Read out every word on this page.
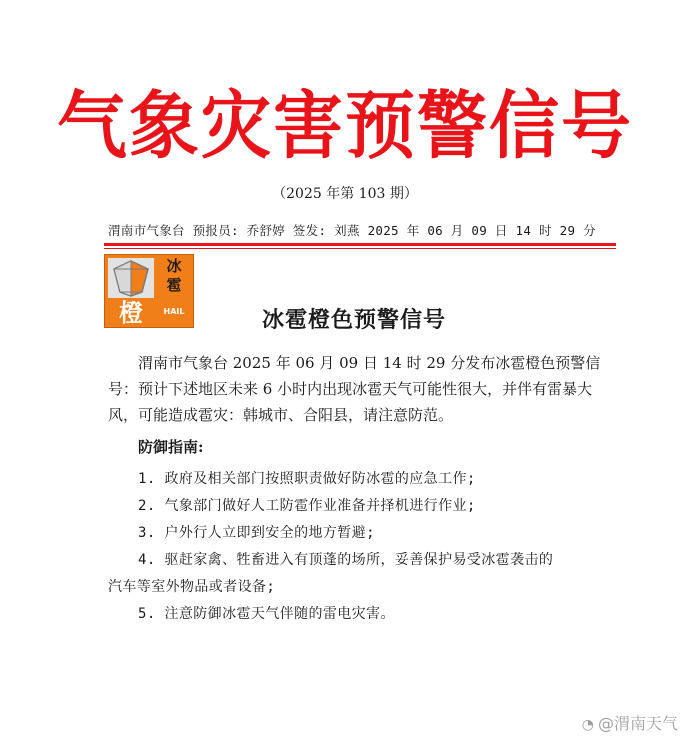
气象灾害预警信号
（2025 年第 103 期）
渭南市气象台 预报员: 乔舒婷 签发: 刘燕 2025 年 06 月 09 日 14 时 29 分
橙
冰
雹
HAIL	冰雹橙色预警信号
渭南市气象台 2025 年 06 月 09 日 14 时 29 分发布冰雹橙色预警信号：预计下述地区未来 6 小时内出现冰雹天气可能性很大，并伴有雷暴大风，可能造成雹灾：韩城市、合阳县，请注意防范。
防御指南:
1. 政府及相关部门按照职责做好防冰雹的应急工作;
2. 气象部门做好人工防雹作业准备并择机进行作业;
3. 户外行人立即到安全的地方暂避;
4. 驱赶家禽、牲畜进入有顶蓬的场所，妥善保护易受冰雹袭击的
汽车等室外物品或者设备;
5. 注意防御冰雹天气伴随的雷电灾害。
◔ @渭南天气
